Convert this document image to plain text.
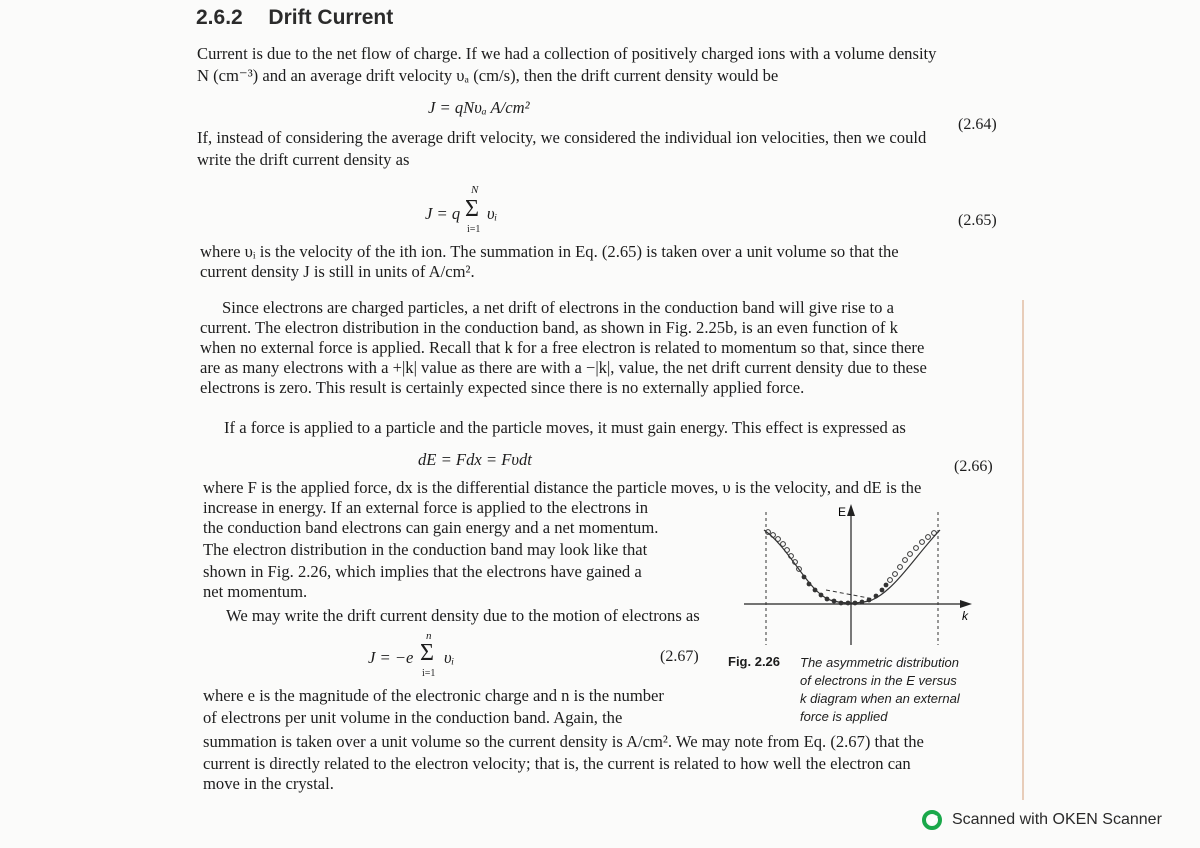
2.6.2 Drift Current
Current is due to the net flow of charge. If we had a collection of positively charged ions with a volume density
N (cm⁻³) and an average drift velocity υₐ (cm/s), then the drift current density would be
J = qNυₐ A/cm²
(2.64)
If, instead of considering the average drift velocity, we considered the individual ion velocities, then we could
write the drift current density as
J = q
N
Σ
i=1
υᵢ	(2.65)
where υᵢ is the velocity of the ith ion. The summation in Eq. (2.65) is taken over a unit volume so that the
current density J is still in units of A/cm².
Since electrons are charged particles, a net drift of electrons in the conduction band will give rise to a
current. The electron distribution in the conduction band, as shown in Fig. 2.25b, is an even function of k
when no external force is applied. Recall that k for a free electron is related to momentum so that, since there
are as many electrons with a +|k| value as there are with a −|k|, value, the net drift current density due to these
electrons is zero. This result is certainly expected since there is no externally applied force.
If a force is applied to a particle and the particle moves, it must gain energy. This effect is expressed as
dE = Fdx = Fυdt	(2.66)
where F is the applied force, dx is the differential distance the particle moves, υ is the velocity, and dE is the
increase in energy. If an external force is applied to the electrons in
the conduction band electrons can gain energy and a net momentum.
The electron distribution in the conduction band may look like that
shown in Fig. 2.26, which implies that the electrons have gained a
net momentum.
We may write the drift current density due to the motion of electrons as
J = −e
n
Σ
i=1
υᵢ	(2.67)
where e is the magnitude of the electronic charge and n is the number
of electrons per unit volume in the conduction band. Again, the
summation is taken over a unit volume so the current density is A/cm². We may note from Eq. (2.67) that the
current is directly related to the electron velocity; that is, the current is related to how well the electron can
move in the crystal.
E
k
Fig. 2.26 The asymmetric distribution
of electrons in the E versus
k diagram when an external
force is applied
Scanned with OKEN Scanner
